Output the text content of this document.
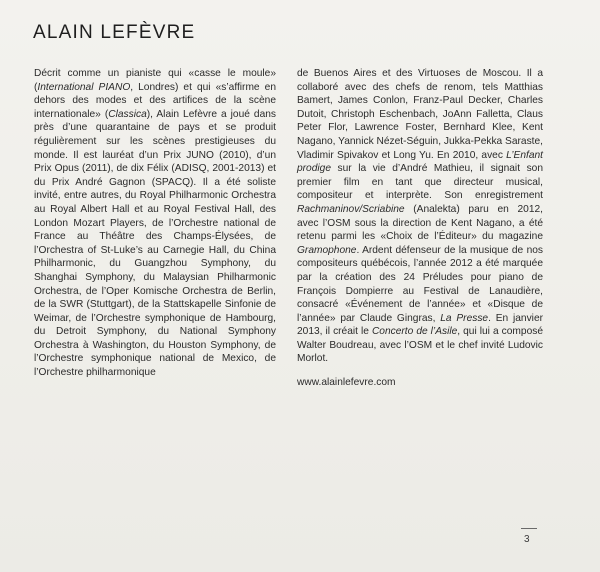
ALAIN LEFÈVRE

Décrit comme un pianiste qui «casse le moule» (International PIANO, Londres) et qui «s’affirme en dehors des modes et des artifices de la scène internationale» (Classica), Alain Lefèvre a joué dans près d’une quarantaine de pays et se produit régulièrement sur les scènes prestigieuses du monde. Il est lauréat d’un Prix JUNO (2010), d’un Prix Opus (2011), de dix Félix (ADISQ, 2001-2013) et du Prix André Gagnon (SPACQ). Il a été soliste invité, entre autres, du Royal Philharmonic Orchestra au Royal Albert Hall et au Royal Festival Hall, des London Mozart Players, de l’Orchestre national de France au Théâtre des Champs-Élysées, de l’Orchestra of St-Luke’s au Carnegie Hall, du China Philharmonic, du Guangzhou Symphony, du Shanghai Symphony, du Malaysian Philharmonic Orchestra, de l’Oper Komische Orchestra de Berlin, de la SWR (Stuttgart), de la Stattskapelle Sinfonie de Weimar, de l’Orchestre symphonique de Hambourg, du Detroit Symphony, du National Symphony Orchestra à Washington, du Houston Symphony, de l’Orchestre symphonique national de Mexico, de l’Orchestre philharmonique

de Buenos Aires et des Virtuoses de Moscou. Il a collaboré avec des chefs de renom, tels Matthias Bamert, James Conlon, Franz-Paul Decker, Charles Dutoit, Christoph Eschenbach, JoAnn Falletta, Claus Peter Flor, Lawrence Foster, Bernhard Klee, Kent Nagano, Yannick Nézet-Séguin, Jukka-Pekka Saraste, Vladimir Spivakov et Long Yu. En 2010, avec L’Enfant prodige sur la vie d’André Mathieu, il signait son premier film en tant que directeur musical, compositeur et interprète. Son enregistrement Rachmaninov/Scriabine (Analekta) paru en 2012, avec l’OSM sous la direction de Kent Nagano, a été retenu parmi les «Choix de l’Éditeur» du magazine Gramophone. Ardent défenseur de la musique de nos compositeurs québécois, l’année 2012 a été marquée par la création des 24 Préludes pour piano de François Dompierre au Festival de Lanaudière, consacré «Événement de l’année» et «Disque de l’année» par Claude Gingras, La Presse. En janvier 2013, il créait le Concerto de l’Asile, qui lui a composé Walter Boudreau, avec l’OSM et le chef invité Ludovic Morlot.

www.alainlefevre.com

3
